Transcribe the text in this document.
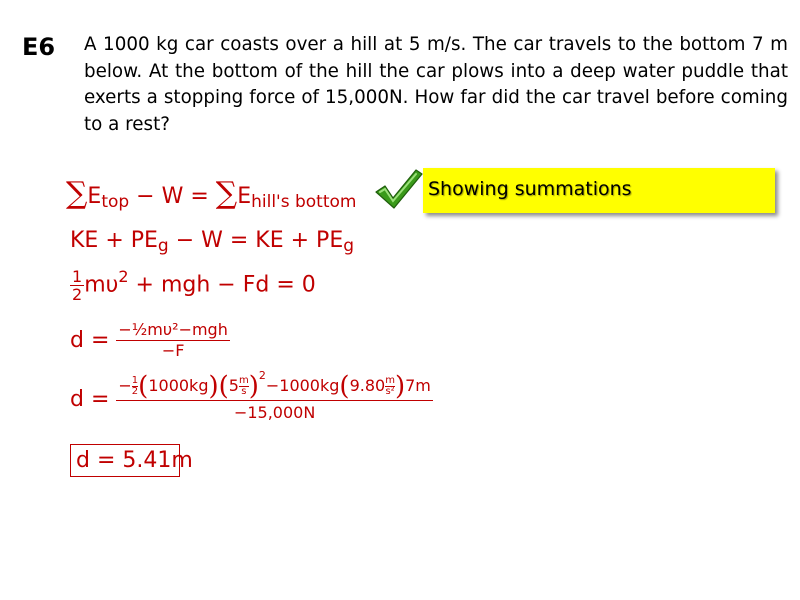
E6 A 1000 kg car coasts over a hill at 5 m/s. The car travels to the bottom 7 m below. At the bottom of the hill the car plows into a deep water puddle that exerts a stopping force of 15,000N. How far did the car travel before coming to a rest?
$\sum E_{top} - W = \sum E_{hill's bottom}$
Showing summations
KE + $PE_g - W$ = KE + $PE_g$
$\frac{1}{2} m\upsilon^2$ + mgh − Fd = 0
$d = \frac{\text{−½mυ²−mgh}}{-F}$
$d = \frac{- \frac{1}{2} (1000kg)(5 \frac{m}{s} )^2-1000kg(9.80 \frac{m}{\text{s²}} )7m}{-15,000N}$
d = 5.41m
